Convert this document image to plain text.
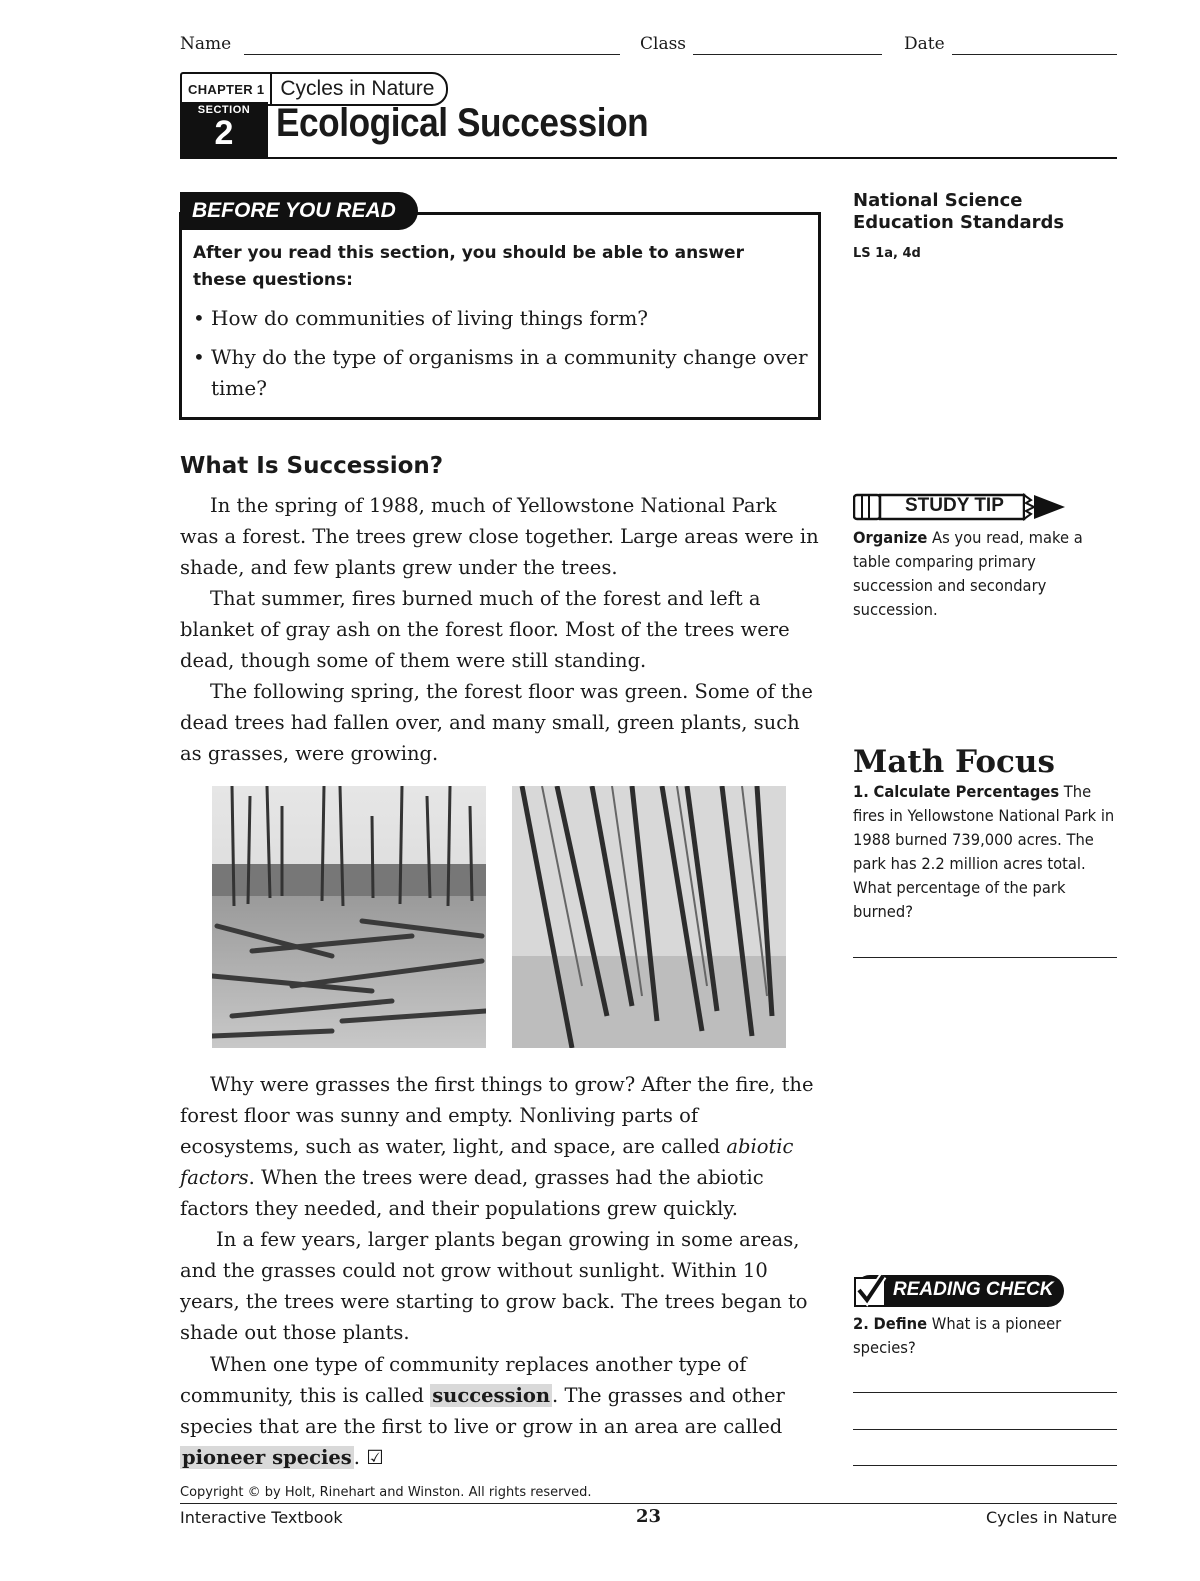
Name	Class	Date
CHAPTER 1 Cycles in Nature
SECTION
2	Ecological Succession
BEFORE YOU READ
After you read this section, you should be able to answer these questions:
• How do communities of living things form?
• Why do the type of organisms in a community change over time?
National Science Education Standards
LS 1a, 4d
STUDY TIP
Organize As you read, make a table comparing primary succession and secondary succession.
Math Focus
1. Calculate Percentages The fires in Yellowstone National Park in 1988 burned 739,000 acres. The park has 2.2 million acres total. What percentage of the park burned?
READING CHECK
2. Define What is a pioneer species?
What Is Succession?
In the spring of 1988, much of Yellowstone National Park was a forest. The trees grew close together. Large areas were in shade, and few plants grew under the trees.
That summer, fires burned much of the forest and left a blanket of gray ash on the forest floor. Most of the trees were dead, though some of them were still standing.
The following spring, the forest floor was green. Some of the dead trees had fallen over, and many small, green plants, such as grasses, were growing.
Why were grasses the first things to grow? After the fire, the forest floor was sunny and empty. Nonliving parts of ecosystems, such as water, light, and space, are called abiotic factors. When the trees were dead, grasses had the abiotic factors they needed, and their populations grew quickly.
In a few years, larger plants began growing in some areas, and the grasses could not grow without sunlight. Within 10 years, the trees were starting to grow back. The trees began to shade out those plants.
When one type of community replaces another type of community, this is called succession . The grasses and other species that are the first to live or grow in an area are called pioneer species . ☑
Copyright © by Holt, Rinehart and Winston. All rights reserved.
Interactive Textbook	23	Cycles in Nature
